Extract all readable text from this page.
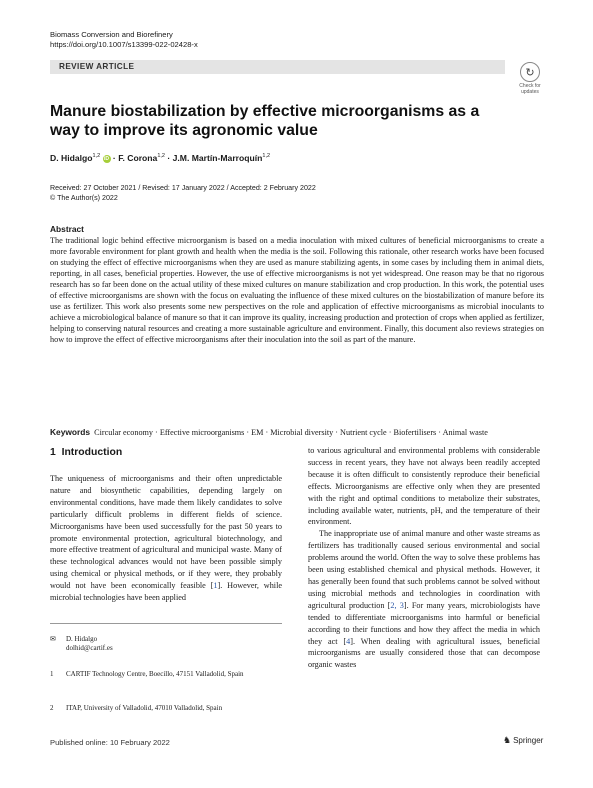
Biomass Conversion and Biorefinery
https://doi.org/10.1007/s13399-022-02428-x
REVIEW ARTICLE	↻
Check for
updates
Manure biostabilization by effective microorganisms as a way to improve its agronomic value
D. Hidalgo$^{1,2}$ iD · F. Corona$^{1,2}$ · J.M. Martín-Marroquín$^{1,2}$
Received: 27 October 2021 / Revised: 17 January 2022 / Accepted: 2 February 2022
© The Author(s) 2022
Abstract
The traditional logic behind effective microorganism is based on a media inoculation with mixed cultures of beneficial microorganisms to create a more favorable environment for plant growth and health when the media is the soil. Following this rationale, other research works have been focused on studying the effect of effective microorganisms when they are used as manure stabilizing agents, in some cases by including them in animal diets, reporting, in all cases, beneficial properties. However, the use of effective microorganisms is not yet widespread. One reason may be that no rigorous research has so far been done on the actual utility of these mixed cultures on manure stabilization and crop production. In this work, the potential uses of effective microorganisms are shown with the focus on evaluating the influence of these mixed cultures on the biostabilization of manure before its use as fertilizer. This work also presents some new perspectives on the role and application of effective microorganisms as microbial inoculants to achieve a microbiological balance of manure so that it can improve its quality, increasing production and protection of crops when applied as fertilizer, helping to conserving natural resources and creating a more sustainable agriculture and environment. Finally, this document also reviews strategies on how to improve the effect of effective microorganisms after their inoculation into the soil as part of the manure.
Keywords Circular economy · Effective microorganisms · EM · Microbial diversity · Nutrient cycle · Biofertilisers · Animal waste
1 Introduction

The uniqueness of microorganisms and their often unpredictable nature and biosynthetic capabilities, depending largely on environmental conditions, have made them likely candidates to solve particularly difficult problems in different fields of science. Microorganisms have been used successfully for the past 50 years to promote environmental protection, agricultural biotechnology, and more effective treatment of agricultural and municipal waste. Many of these technological advances would not have been possible simply using chemical or physical methods, or if they were, they probably would not have been economically feasible [1]. However, while microbial technologies have been applied

✉ D. Hidalgo
dolhid@cartif.es
1 CARTIF Technology Centre, Boecillo, 47151 Valladolid, Spain
2 ITAP, University of Valladolid, 47010 Valladolid, Spain

to various agricultural and environmental problems with considerable success in recent years, they have not always been readily accepted because it is often difficult to consistently reproduce their beneficial effects. Microorganisms are effective only when they are presented with the right and optimal conditions to metabolize their substrates, including available water, nutrients, pH, and the temperature of their environment.

The inappropriate use of animal manure and other waste streams as fertilizers has traditionally caused serious environmental and social problems around the world. Often the way to solve these problems has been using established chemical and physical methods. However, it has generally been found that such problems cannot be solved without using microbial methods and technologies in coordination with agricultural production [2, 3]. For many years, microbiologists have tended to differentiate microorganisms into harmful or beneficial according to their functions and how they affect the media in which they act [4]. When dealing with agricultural issues, beneficial microorganisms are usually considered those that can decompose organic wastes

Published online: 10 February 2022	♞ Springer
